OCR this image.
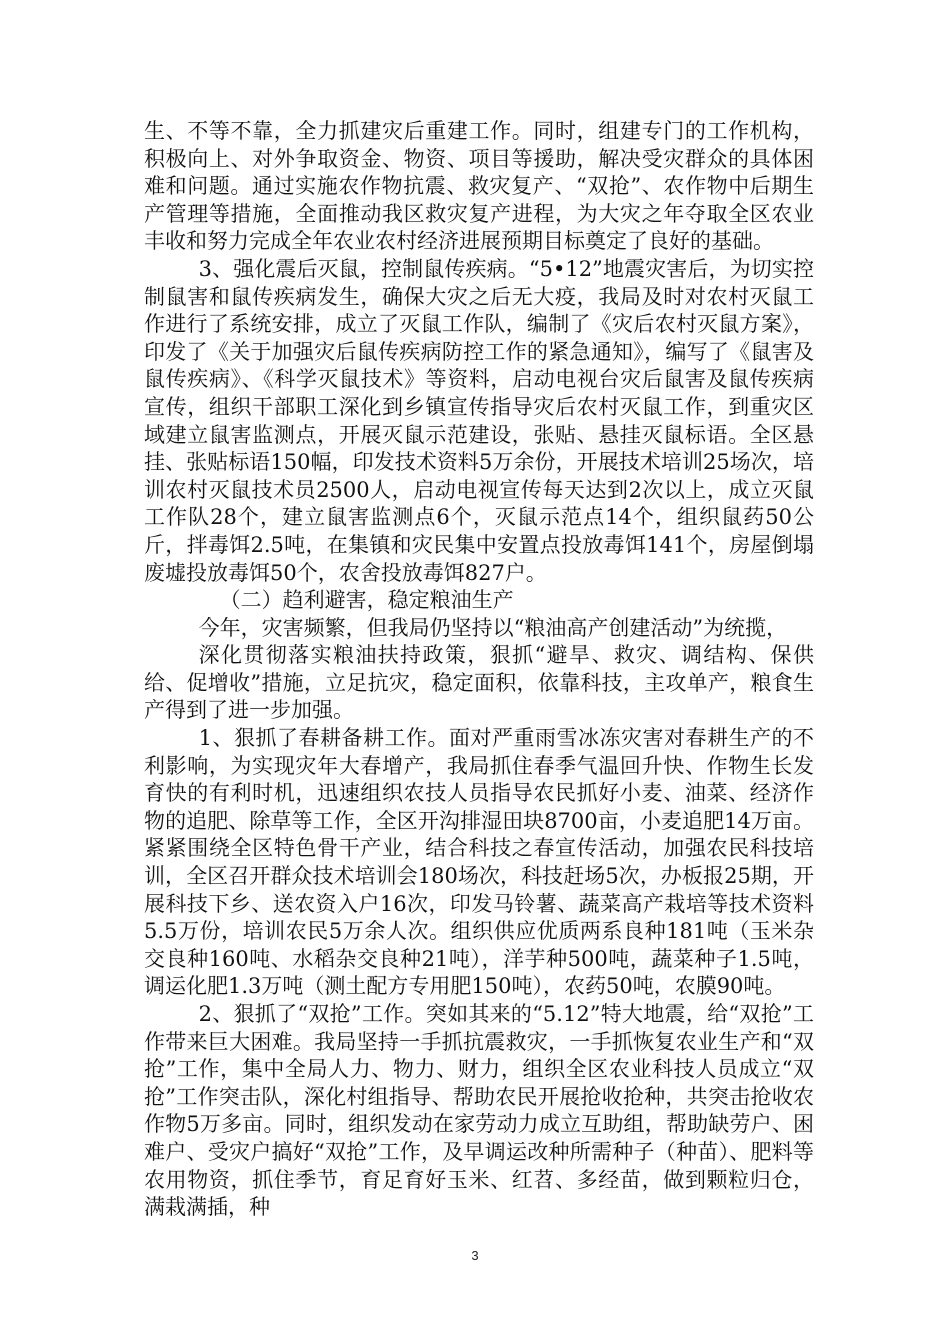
生、不等不靠，全力抓建灾后重建工作。同时，组建专门的工作机构，积极向上、对外争取资金、物资、项目等援助，解决受灾群众的具体困难和问题。通过实施农作物抗震、救灾复产、“双抢”、农作物中后期生产管理等措施，全面推动我区救灾复产进程，为大灾之年夺取全区农业丰收和努力完成全年农业农村经济进展预期目标奠定了良好的基础。

3、强化震后灭鼠，控制鼠传疾病。“5•12”地震灾害后，为切实控制鼠害和鼠传疾病发生，确保大灾之后无大疫，我局及时对农村灭鼠工作进行了系统安排，成立了灭鼠工作队，编制了《灾后农村灭鼠方案》，印发了《关于加强灾后鼠传疾病防控工作的紧急通知》，编写了《鼠害及鼠传疾病》、《科学灭鼠技术》等资料，启动电视台灾后鼠害及鼠传疾病宣传，组织干部职工深化到乡镇宣传指导灾后农村灭鼠工作，到重灾区域建立鼠害监测点，开展灭鼠示范建设，张贴、悬挂灭鼠标语。全区悬挂、张贴标语150幅，印发技术资料5万余份，开展技术培训25场次，培训农村灭鼠技术员2500人，启动电视宣传每天达到2次以上，成立灭鼠工作队28个，建立鼠害监测点6个，灭鼠示范点14个，组织鼠药50公斤，拌毒饵2.5吨，在集镇和灾民集中安置点投放毒饵141个，房屋倒塌废墟投放毒饵50个，农舍投放毒饵827户。

（二）趋利避害，稳定粮油生产

今年，灾害频繁，但我局仍坚持以“粮油高产创建活动”为统揽，

深化贯彻落实粮油扶持政策，狠抓“避旱、救灾、调结构、保供给、促增收”措施，立足抗灾，稳定面积，依靠科技，主攻单产，粮食生产得到了进一步加强。

1、狠抓了春耕备耕工作。面对严重雨雪冰冻灾害对春耕生产的不利影响，为实现灾年大春增产，我局抓住春季气温回升快、作物生长发育快的有利时机，迅速组织农技人员指导农民抓好小麦、油菜、经济作物的追肥、除草等工作，全区开沟排湿田块8700亩，小麦追肥14万亩。紧紧围绕全区特色骨干产业，结合科技之春宣传活动，加强农民科技培训，全区召开群众技术培训会180场次，科技赶场5次，办板报25期，开展科技下乡、送农资入户16次，印发马铃薯、蔬菜高产栽培等技术资料5.5万份，培训农民5万余人次。组织供应优质两系良种181吨（玉米杂交良种160吨、水稻杂交良种21吨），洋芋种500吨，蔬菜种子1.5吨，调运化肥1.3万吨（测土配方专用肥150吨），农药50吨，农膜90吨。

2、狠抓了“双抢”工作。突如其来的“5.12”特大地震，给“双抢”工作带来巨大困难。我局坚持一手抓抗震救灾，一手抓恢复农业生产和“双抢”工作，集中全局人力、物力、财力，组织全区农业科技人员成立“双抢”工作突击队，深化村组指导、帮助农民开展抢收抢种，共突击抢收农作物5万多亩。同时，组织发动在家劳动力成立互助组，帮助缺劳户、困难户、受灾户搞好“双抢”工作，及早调运改种所需种子（种苗）、肥料等农用物资，抓住季节，育足育好玉米、红苕、多经苗，做到颗粒归仓，满栽满插，种

3
